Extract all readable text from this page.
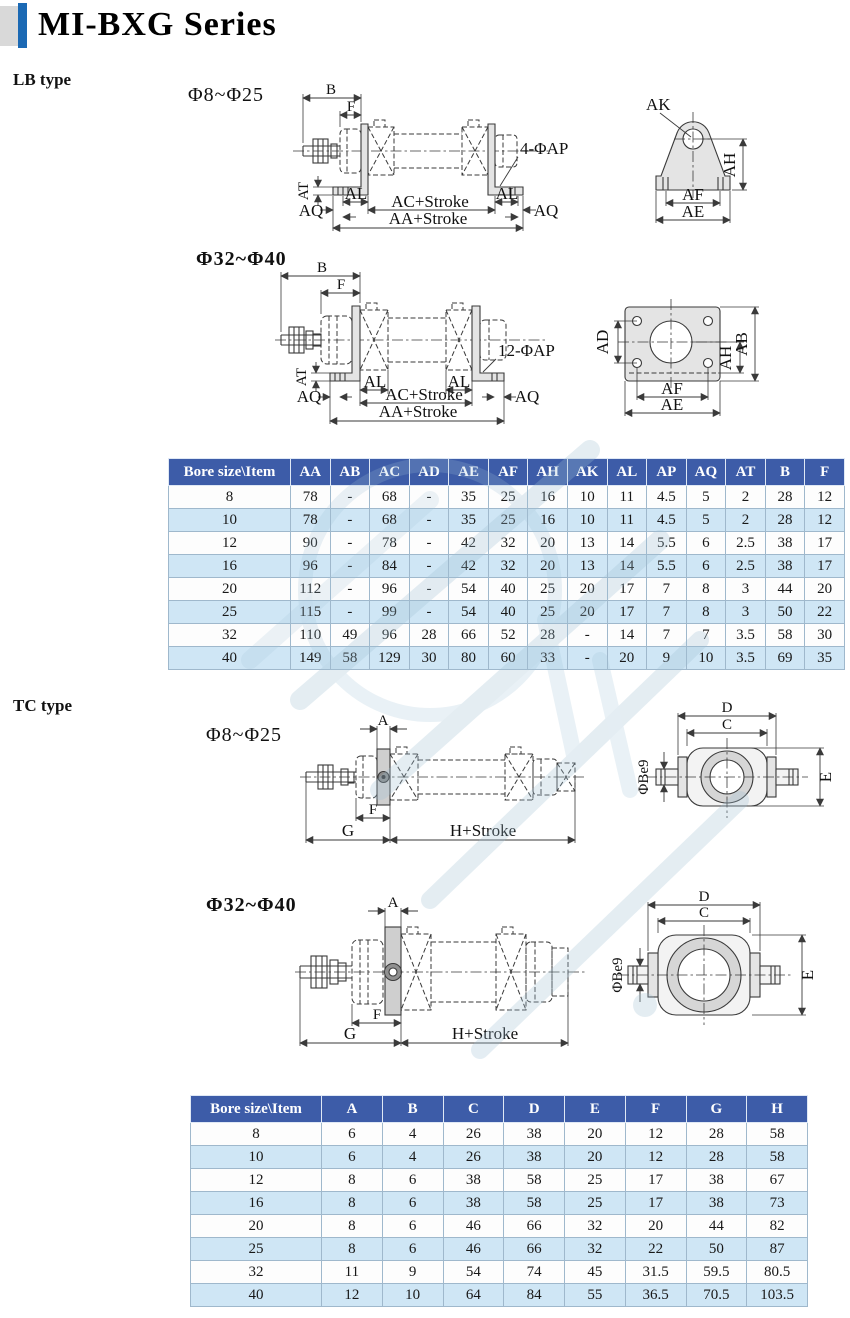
MI-BXG Series
LB type
TC type
Φ8~Φ25
Φ32~Φ40
Φ8~Φ25
Φ32~Φ40
B
F
AT AL	AL
AC+Stroke
AQ	AQ
AA+Stroke
4-ΦAP
AK
AH
AF
AE
B
F
AT	AL	AL
AC+Stroke
AQ	AQ
AA+Stroke
12-ΦAP AD
AH
AB
AF
AE
Bore size\Item	AA	AB	AC	AD	AE	AF	AH	AK	AL	AP	AQ	AT	B	F
8	78	-	68	-	35	25	16	10	11	4.5	5	2	28	12
10	78	-	68	-	35	25	16	10	11	4.5	5	2	28	12
12	90	-	78	-	42	32	20	13	14	5.5	6	2.5	38	17
16	96	-	84	-	42	32	20	13	14	5.5	6	2.5	38	17
20	112	-	96	-	54	40	25	20	17	7	8	3	44	20
25	115	-	99	-	54	40	25	20	17	7	8	3	50	22
32	110	49	96	28	66	52	28	-	14	7	7	3.5	58	30
40	149	58	129	30	80	60	33	-	20	9	10	3.5	69	35
A
F
G	H+Stroke
D
C
E
ΦBe9
A
F
G	H+Stroke
D
C
E
ΦBe9
Bore size\Item	A	B	C	D	E	F	G	H
8	6	4	26	38	20	12	28	58
10	6	4	26	38	20	12	28	58
12	8	6	38	58	25	17	38	67
16	8	6	38	58	25	17	38	73
20	8	6	46	66	32	20	44	82
25	8	6	46	66	32	22	50	87
32	11	9	54	74	45	31.5	59.5	80.5
40	12	10	64	84	55	36.5	70.5	103.5
